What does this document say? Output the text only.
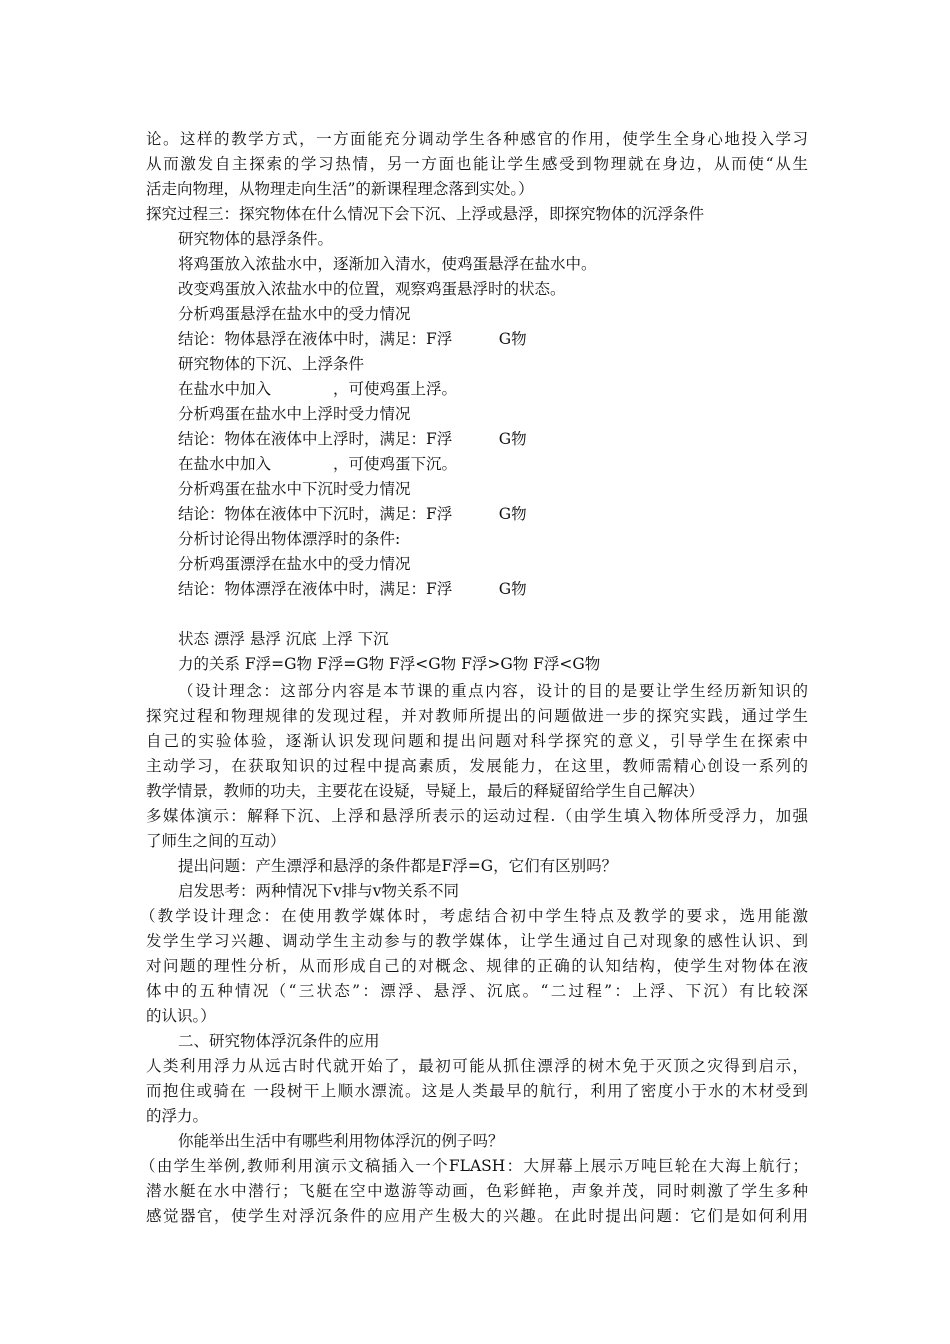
论。这样的教学方式，一方面能充分调动学生各种感官的作用，使学生全身心地投入学习
从而激发自主探索的学习热情，另一方面也能让学生感受到物理就在身边，从而使“从生
活走向物理，从物理走向生活”的新课程理念落到实处。）
探究过程三：探究物体在什么情况下会下沉、上浮或悬浮，即探究物体的沉浮条件
研究物体的悬浮条件。
将鸡蛋放入浓盐水中，逐渐加入清水，使鸡蛋悬浮在盐水中。
改变鸡蛋放入浓盐水中的位置，观察鸡蛋悬浮时的状态。
分析鸡蛋悬浮在盐水中的受力情况
结论：物体悬浮在液体中时，满足：F浮　　　G物
研究物体的下沉、上浮条件
在盐水中加入　　　　，可使鸡蛋上浮。
分析鸡蛋在盐水中上浮时受力情况
结论：物体在液体中上浮时，满足：F浮　　　G物
在盐水中加入　　　　，可使鸡蛋下沉。
分析鸡蛋在盐水中下沉时受力情况
结论：物体在液体中下沉时，满足：F浮　　　G物
分析讨论得出物体漂浮时的条件:
分析鸡蛋漂浮在盐水中的受力情况
结论：物体漂浮在液体中时，满足：F浮　　　G物
状态 漂浮 悬浮 沉底 上浮 下沉
力的关系 F浮=G物 F浮=G物 F浮<G物 F浮>G物 F浮<G物
（设计理念：这部分内容是本节课的重点内容，设计的目的是要让学生经历新知识的
探究过程和物理规律的发现过程，并对教师所提出的问题做进一步的探究实践，通过学生
自己的实验体验，逐渐认识发现问题和提出问题对科学探究的意义，引导学生在探索中
主动学习，在获取知识的过程中提高素质，发展能力，在这里，教师需精心创设一系列的
教学情景，教师的功夫，主要花在设疑，导疑上，最后的释疑留给学生自己解决）
多媒体演示：解释下沉、上浮和悬浮所表示的运动过程.（由学生填入物体所受浮力，加强
了师生之间的互动）
提出问题：产生漂浮和悬浮的条件都是F浮=G，它们有区别吗？
启发思考：两种情况下v排与v物关系不同
（教学设计理念：在使用教学媒体时，考虑结合初中学生特点及教学的要求，选用能激
发学生学习兴趣、调动学生主动参与的教学媒体，让学生通过自己对现象的感性认识、到
对问题的理性分析，从而形成自己的对概念、规律的正确的认知结构，使学生对物体在液
体中的五种情况（“三状态”：漂浮、悬浮、沉底。“二过程”：上浮、下沉）有比较深
的认识。）
二、研究物体浮沉条件的应用
人类利用浮力从远古时代就开始了，最初可能从抓住漂浮的树木免于灭顶之灾得到启示，
而抱住或骑在 一段树干上顺水漂流。这是人类最早的航行，利用了密度小于水的木材受到
的浮力。
你能举出生活中有哪些利用物体浮沉的例子吗？
（由学生举例,教师利用演示文稿插入一个FLASH：大屏幕上展示万吨巨轮在大海上航行；
潜水艇在水中潜行；飞艇在空中遨游等动画，色彩鲜艳，声象并茂，同时刺激了学生多种
感觉器官，使学生对浮沉条件的应用产生极大的兴趣。在此时提出问题：它们是如何利用
